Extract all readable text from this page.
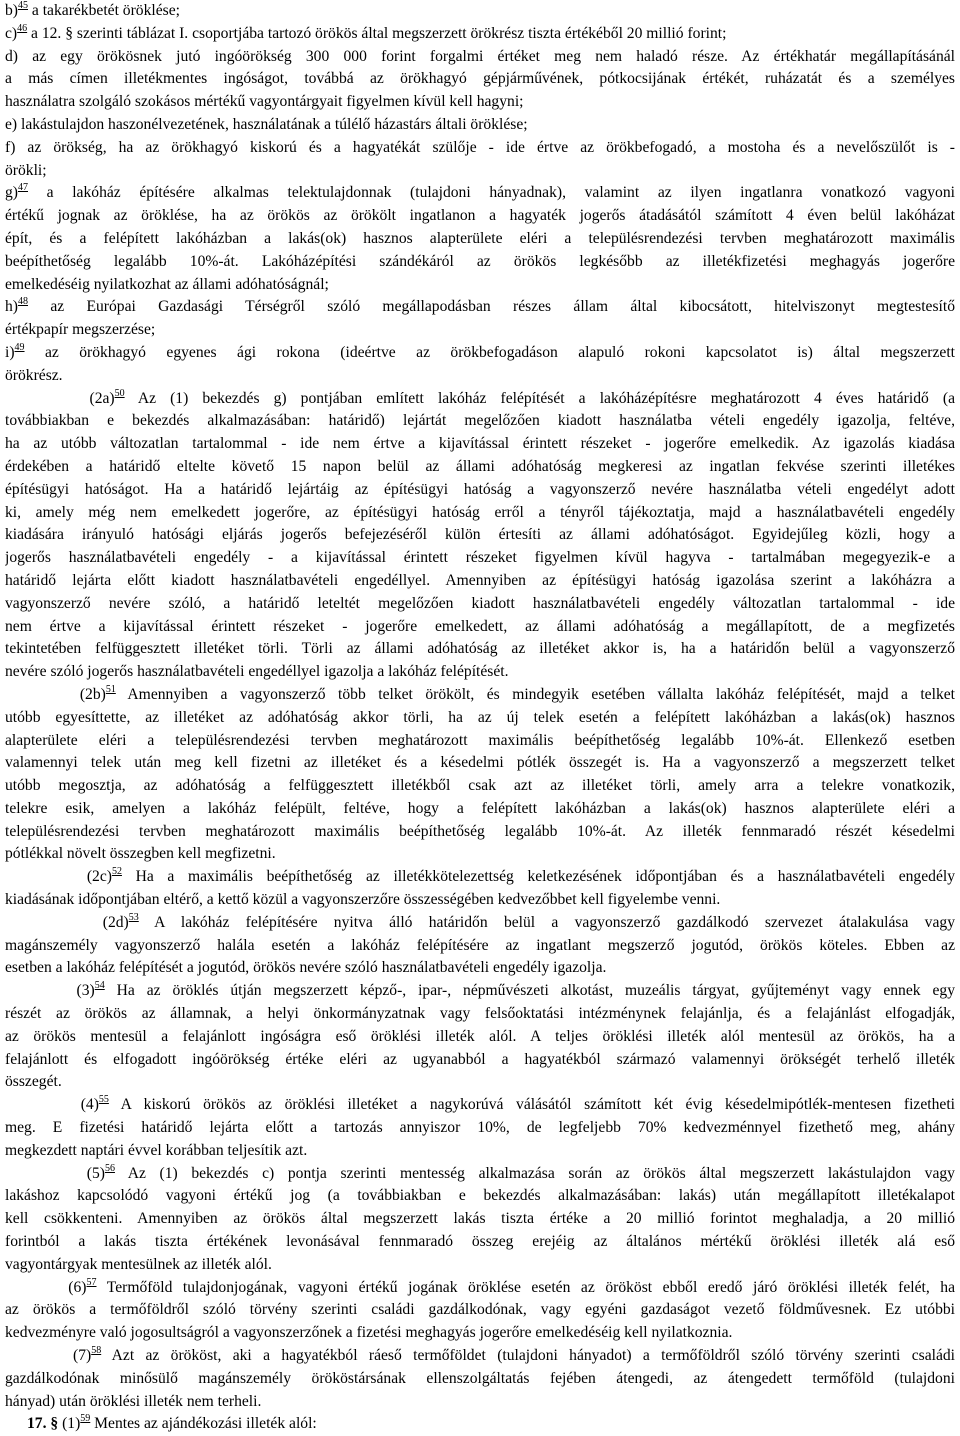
b)$^{45}$ a takarékbetét öröklése;
c)$^{46}$ a 12. § szerinti táblázat I. csoportjába tartozó örökös által megszerzett örökrész tiszta értékéből 20 millió forint;
d) az egy örökösnek jutó ingóörökség 300 000 forint forgalmi értéket meg nem haladó része. Az értékhatár megállapításánál
a más címen illetékmentes ingóságot, továbbá az örökhagyó gépjárművének, pótkocsijának értékét, ruházatát és a személyes
használatra szolgáló szokásos mértékű vagyontárgyait figyelmen kívül kell hagyni;
e) lakástulajdon haszonélvezetének, használatának a túlélő házastárs általi öröklése;
f) az örökség, ha az örökhagyó kiskorú és a hagyatékát szülője - ide értve az örökbefogadó, a mostoha és a nevelőszülőt is -
örökli;
g)$^{47}$ a lakóház építésére alkalmas telektulajdonnak (tulajdoni hányadnak), valamint az ilyen ingatlanra vonatkozó vagyoni
értékű jognak az öröklése, ha az örökös az örökölt ingatlanon a hagyaték jogerős átadásától számított 4 éven belül lakóházat
épít, és a felépített lakóházban a lakás(ok) hasznos alapterülete eléri a településrendezési tervben meghatározott maximális
beépíthetőség legalább 10%-át. Lakóházépítési szándékáról az örökös legkésőbb az illetékfizetési meghagyás jogerőre
emelkedéséig nyilatkozhat az állami adóhatóságnál;
h)$^{48}$ az Európai Gazdasági Térségről szóló megállapodásban részes állam által kibocsátott, hitelviszonyt megtestesítő
értékpapír megszerzése;
i)$^{49}$ az örökhagyó egyenes ági rokona (ideértve az örökbefogadáson alapuló rokoni kapcsolatot is) által megszerzett
örökrész.
(2a)$^{50}$ Az (1) bekezdés g) pontjában említett lakóház felépítését a lakóházépítésre meghatározott 4 éves határidő (a
továbbiakban e bekezdés alkalmazásában: határidő) lejártát megelőzően kiadott használatba vételi engedély igazolja, feltéve,
ha az utóbb változatlan tartalommal - ide nem értve a kijavítással érintett részeket - jogerőre emelkedik. Az igazolás kiadása
érdekében a határidő eltelte követő 15 napon belül az állami adóhatóság megkeresi az ingatlan fekvése szerinti illetékes
építésügyi hatóságot. Ha a határidő lejártáig az építésügyi hatóság a vagyonszerző nevére használatba vételi engedélyt adott
ki, amely még nem emelkedett jogerőre, az építésügyi hatóság erről a tényről tájékoztatja, majd a használatbavételi engedély
kiadására irányuló hatósági eljárás jogerős befejezéséről külön értesíti az állami adóhatóságot. Egyidejűleg közli, hogy a
jogerős használatbavételi engedély - a kijavítással érintett részeket figyelmen kívül hagyva - tartalmában megegyezik-e a
határidő lejárta előtt kiadott használatbavételi engedéllyel. Amennyiben az építésügyi hatóság igazolása szerint a lakóházra a
vagyonszerző nevére szóló, a határidő leteltét megelőzően kiadott használatbavételi engedély változatlan tartalommal - ide
nem értve a kijavítással érintett részeket - jogerőre emelkedett, az állami adóhatóság a megállapított, de a megfizetés
tekintetében felfüggesztett illetéket törli. Törli az állami adóhatóság az illetéket akkor is, ha a határidőn belül a vagyonszerző
nevére szóló jogerős használatbavételi engedéllyel igazolja a lakóház felépítését.
(2b)$^{51}$ Amennyiben a vagyonszerző több telket örökölt, és mindegyik esetében vállalta lakóház felépítését, majd a telket
utóbb egyesíttette, az illetéket az adóhatóság akkor törli, ha az új telek esetén a felépített lakóházban a lakás(ok) hasznos
alapterülete eléri a településrendezési tervben meghatározott maximális beépíthetőség legalább 10%-át. Ellenkező esetben
valamennyi telek után meg kell fizetni az illetéket és a késedelmi pótlék összegét is. Ha a vagyonszerző a megszerzett telket
utóbb megosztja, az adóhatóság a felfüggesztett illetékből csak azt az illetéket törli, amely arra a telekre vonatkozik,
telekre esik, amelyen a lakóház felépült, feltéve, hogy a felépített lakóházban a lakás(ok) hasznos alapterülete eléri a
településrendezési tervben meghatározott maximális beépíthetőség legalább 10%-át. Az illeték fennmaradó részét késedelmi
pótlékkal növelt összegben kell megfizetni.
(2c)$^{52}$ Ha a maximális beépíthetőség az illetékkötelezettség keletkezésének időpontjában és a használatbavételi engedély
kiadásának időpontjában eltérő, a kettő közül a vagyonszerzőre összességében kedvezőbbet kell figyelembe venni.
(2d)$^{53}$ A lakóház felépítésére nyitva álló határidőn belül a vagyonszerző gazdálkodó szervezet átalakulása vagy
magánszemély vagyonszerző halála esetén a lakóház felépítésére az ingatlant megszerző jogutód, örökös köteles. Ebben az
esetben a lakóház felépítését a jogutód, örökös nevére szóló használatbavételi engedély igazolja.
(3)$^{54}$ Ha az öröklés útján megszerzett képző-, ipar-, népművészeti alkotást, muzeális tárgyat, gyűjteményt vagy ennek egy
részét az örökös az államnak, a helyi önkormányzatnak vagy felsőoktatási intézménynek felajánlja, és a felajánlást elfogadják,
az örökös mentesül a felajánlott ingóságra eső öröklési illeték alól. A teljes öröklési illeték alól mentesül az örökös, ha a
felajánlott és elfogadott ingóörökség értéke eléri az ugyanabból a hagyatékból származó valamennyi örökségét terhelő illeték
összegét.
(4)$^{55}$ A kiskorú örökös az öröklési illetéket a nagykorúvá válásától számított két évig késedelmipótlék-mentesen fizetheti
meg. E fizetési határidő lejárta előtt a tartozás annyiszor 10%, de legfeljebb 70% kedvezménnyel fizethető meg, ahány
megkezdett naptári évvel korábban teljesítik azt.
(5)$^{56}$ Az (1) bekezdés c) pontja szerinti mentesség alkalmazása során az örökös által megszerzett lakástulajdon vagy
lakáshoz kapcsolódó vagyoni értékű jog (a továbbiakban e bekezdés alkalmazásában: lakás) után megállapított illetékalapot
kell csökkenteni. Amennyiben az örökös által megszerzett lakás tiszta értéke a 20 millió forintot meghaladja, a 20 millió
forintból a lakás tiszta értékének levonásával fennmaradó összeg erejéig az általános mértékű öröklési illeték alá eső
vagyontárgyak mentesülnek az illeték alól.
(6)$^{57}$ Termőföld tulajdonjogának, vagyoni értékű jogának öröklése esetén az örököst ebből eredő járó öröklési illeték felét, ha
az örökös a termőföldről szóló törvény szerinti családi gazdálkodónak, vagy egyéni gazdaságot vezető földművesnek. Ez utóbbi
kedvezményre való jogosultságról a vagyonszerzőnek a fizetési meghagyás jogerőre emelkedéséig kell nyilatkoznia.
(7)$^{58}$ Azt az örököst, aki a hagyatékból ráeső termőföldet (tulajdoni hányadot) a termőföldről szóló törvény szerinti családi
gazdálkodónak minősülő magánszemély örököstársának ellenszolgáltatás fejében átengedi, az átengedett termőföld (tulajdoni
hányad) után öröklési illeték nem terheli.
17. § (1)$^{59}$ Mentes az ajándékozási illeték alól:
